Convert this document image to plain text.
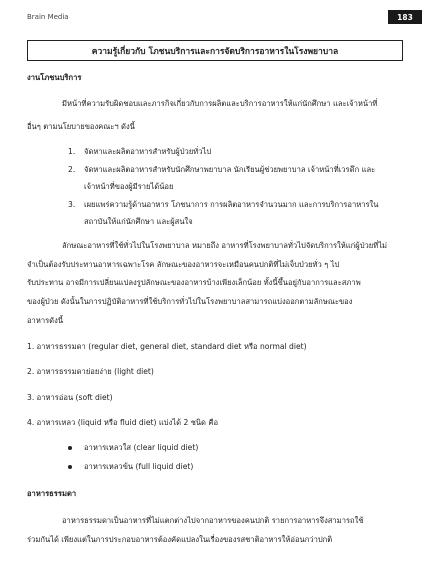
Brain Media	183
ความรู้เกี่ยวกับ โภชนบริการและการจัดบริการอาหารในโรงพยาบาล
งานโภชนบริการ
มีหน้าที่ความรับผิดชอบและภารกิจเกี่ยวกับการผลิตและบริการอาหารให้แก่นักศึกษา และเจ้าหน้าที่
อื่นๆ ตามนโยบายของคณะฯ ดังนี้
1. จัดหาและผลิตอาหารสำหรับผู้ป่วยทั่วไป
2. จัดหาและผลิตอาหารสำหรับนักศึกษาพยาบาล นักเรียนผู้ช่วยพยาบาล เจ้าหน้าที่เวรดึก และ
เจ้าหน้าที่ของผู้มีรายได้น้อย
3. เผยแพร่ความรู้ด้านอาหาร โภชนาการ การผลิตอาหารจำนวนมาก และการบริการอาหารใน
สถาบันให้แก่นักศึกษา และผู้สนใจ
ลักษณะอาหารที่ใช้ทั่วไปในโรงพยาบาล หมายถึง อาหารที่โรงพยาบาลทั่วไปจัดบริการให้แก่ผู้ป่วยที่ไม่
จำเป็นต้องรับประทานอาหารเฉพาะโรค ลักษณะของอาหารจะเหมือนคนปกติที่ไม่เจ็บป่วยทั่ว ๆ ไป
รับประทาน อาจมีการเปลี่ยนแปลงรูปลักษณะของอาหารบ้างเพียงเล็กน้อย ทั้งนี้ขึ้นอยู่กับอาการและสภาพ
ของผู้ป่วย ดังนั้นในการปฏิบัติอาหารที่ใช้บริการทั่วไปในโรงพยาบาลสามารถแบ่งออกตามลักษณะของ
อาหารดังนี้
1. อาหารธรรมดา (regular diet, general diet, standard diet หรือ normal diet)
2. อาหารธรรมดาย่อยง่าย (light diet)
3. อาหารอ่อน (soft diet)
4. อาหารเหลว (liquid หรือ fluid diet) แบ่งได้ 2 ชนิด คือ
อาหารเหลวใส (clear liquid diet)
อาหารเหลวข้น (full liquid diet)
อาหารธรรมดา
อาหารธรรมดาเป็นอาหารที่ไม่แตกต่างไปจากอาหารของคนปกติ รายการอาหารจึงสามารถใช้
ร่วมกันได้ เพียงแต่ในการประกอบอาหารต้องคัดแปลงในเรื่องของรสชาติอาหารให้อ่อนกว่าปกติ
